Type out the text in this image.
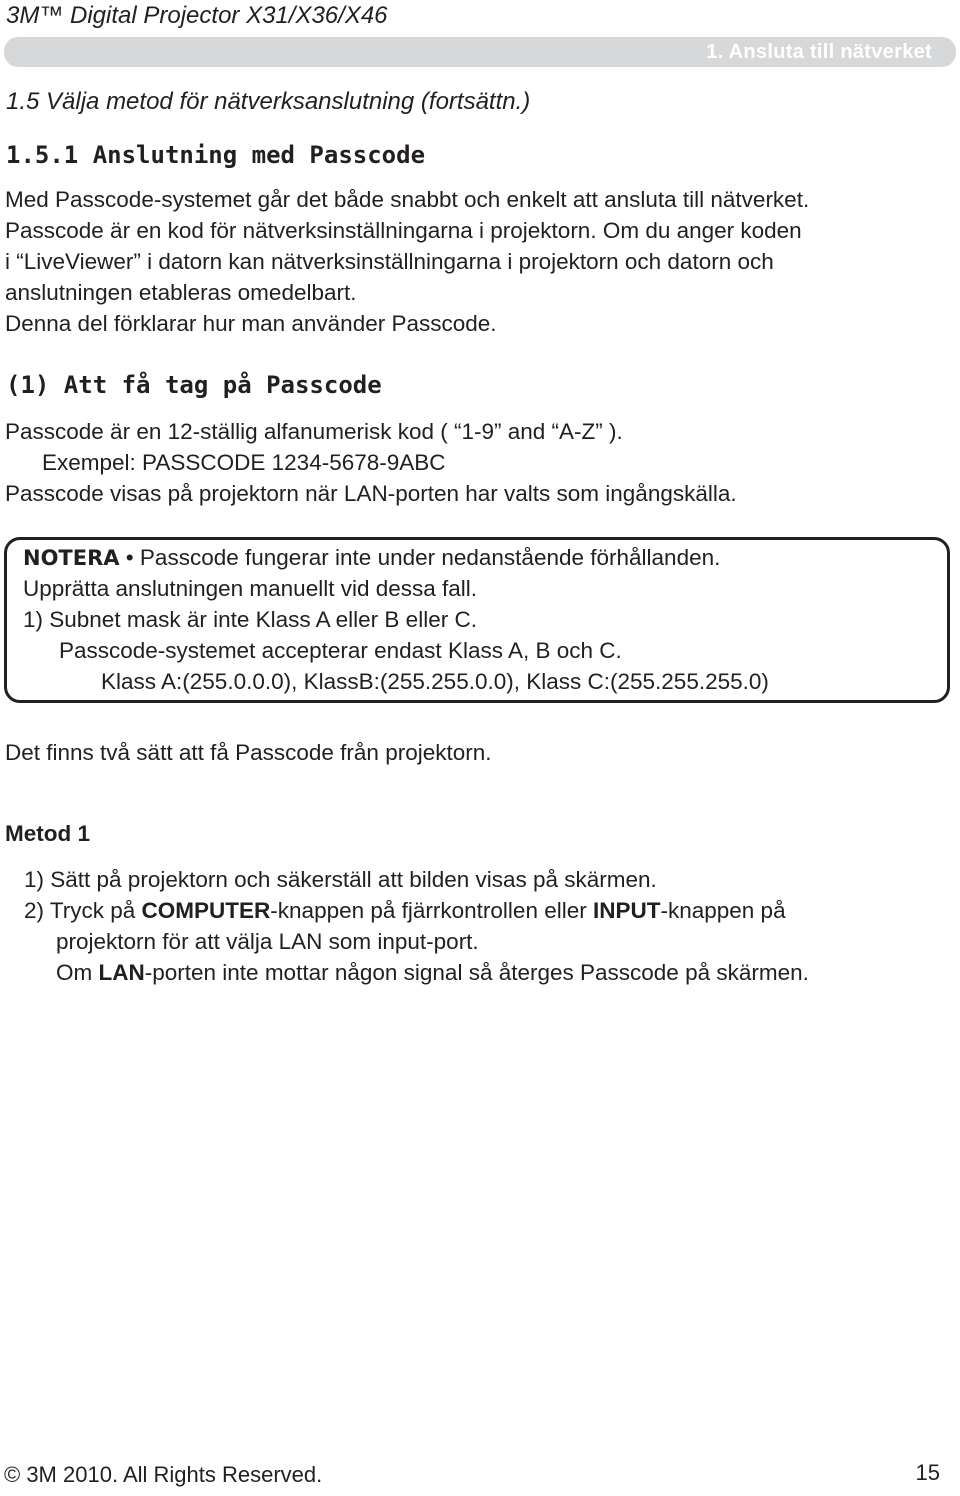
3M™ Digital Projector X31/X36/X46
1. Ansluta till nätverket
1.5 Välja metod för nätverksanslutning (fortsättn.)
1.5.1 Anslutning med Passcode
Med Passcode-systemet går det både snabbt och enkelt att ansluta till nätverket.
Passcode är en kod för nätverksinställningarna i projektorn. Om du anger koden
i “LiveViewer” i datorn kan nätverksinställningarna i projektorn och datorn och
anslutningen etableras omedelbart.
Denna del förklarar hur man använder Passcode.
(1) Att få tag på Passcode
Passcode är en 12-ställig alfanumerisk kod ( “1-9” and “A-Z” ).
Exempel: PASSCODE 1234-5678-9ABC
Passcode visas på projektorn när LAN-porten har valts som ingångskälla.
NOTERA • Passcode fungerar inte under nedanstående förhållanden.
Upprätta anslutningen manuellt vid dessa fall.
1) Subnet mask är inte Klass A eller B eller C.
Passcode-systemet accepterar endast Klass A, B och C.
Klass A:(255.0.0.0), KlassB:(255.255.0.0), Klass C:(255.255.255.0)
Det finns två sätt att få Passcode från projektorn.
Metod 1
1) Sätt på projektorn och säkerställ att bilden visas på skärmen.
2) Tryck på COMPUTER-knappen på fjärrkontrollen eller INPUT-knappen på
projektorn för att välja LAN som input-port.
Om LAN-porten inte mottar någon signal så återges Passcode på skärmen.
© 3M 2010. All Rights Reserved.	15
